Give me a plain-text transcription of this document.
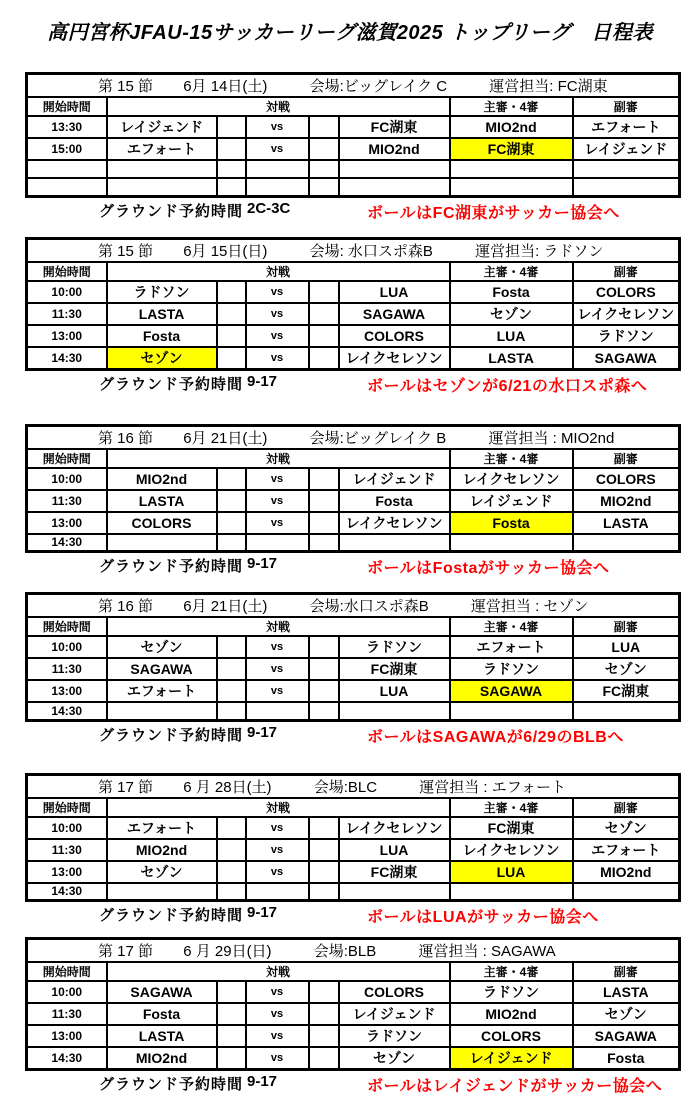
高円宮杯JFAU-15サッカーリーグ滋賀2025 トップリーグ　日程表
第 15 節 6月 14日(土) 会場:ビッグレイク C 運営担当: FC湖東							
開始時間	対戦					主審・4審	副審
13:30	レイジェンド		vs		FC湖東	MIO2nd	エフォート
15:00	エフォート		vs		MIO2nd	FC湖東	レイジェンド

グラウンド予約時間 2C-3C	ボールはFC湖東がサッカー協会へ
第 15 節 6月 15日(日) 会場: 水口スポ森B 運営担当: ラドソン							
開始時間	対戦					主審・4審	副審
10:00	ラドソン		vs		LUA	Fosta	COLORS
11:30	LASTA		vs		SAGAWA	セゾン	レイクセレソン
13:00	Fosta		vs		COLORS	LUA	ラドソン
14:30	セゾン		vs		レイクセレソン	LASTA	SAGAWA
グラウンド予約時間 9-17	ボールはセゾンが6/21の水口スポ森へ
第 16 節 6月 21日(土) 会場:ビッグレイク B 運営担当 : MIO2nd							
開始時間	対戦					主審・4審	副審
10:00	MIO2nd		vs		レイジェンド	レイクセレソン	COLORS
11:30	LASTA		vs		Fosta	レイジェンド	MIO2nd
13:00	COLORS		vs		レイクセレソン	Fosta	LASTA
14:30							
グラウンド予約時間 9-17	ボールはFostaがサッカー協会へ
第 16 節 6月 21日(土) 会場:水口スポ森B 運営担当 : セゾン							
開始時間	対戦					主審・4審	副審
10:00	セゾン		vs		ラドソン	エフォート	LUA
11:30	SAGAWA		vs		FC湖東	ラドソン	セゾン
13:00	エフォート		vs		LUA	SAGAWA	FC湖東
14:30							
グラウンド予約時間 9-17	ボールはSAGAWAが6/29のBLBへ
第 17 節 6 月 28日(土) 会場:BLC 運営担当 : エフォート							
開始時間	対戦					主審・4審	副審
10:00	エフォート		vs		レイクセレソン	FC湖東	セゾン
11:30	MIO2nd		vs		LUA	レイクセレソン	エフォート
13:00	セゾン		vs		FC湖東	LUA	MIO2nd
14:30							
グラウンド予約時間 9-17	ボールはLUAがサッカー協会へ
第 17 節 6 月 29日(日) 会場:BLB 運営担当 : SAGAWA							
開始時間	対戦					主審・4審	副審
10:00	SAGAWA		vs		COLORS	ラドソン	LASTA
11:30	Fosta		vs		レイジェンド	MIO2nd	セゾン
13:00	LASTA		vs		ラドソン	COLORS	SAGAWA
14:30	MIO2nd		vs		セゾン	レイジェンド	Fosta
グラウンド予約時間 9-17	ボールはレイジェンドがサッカー協会へ
